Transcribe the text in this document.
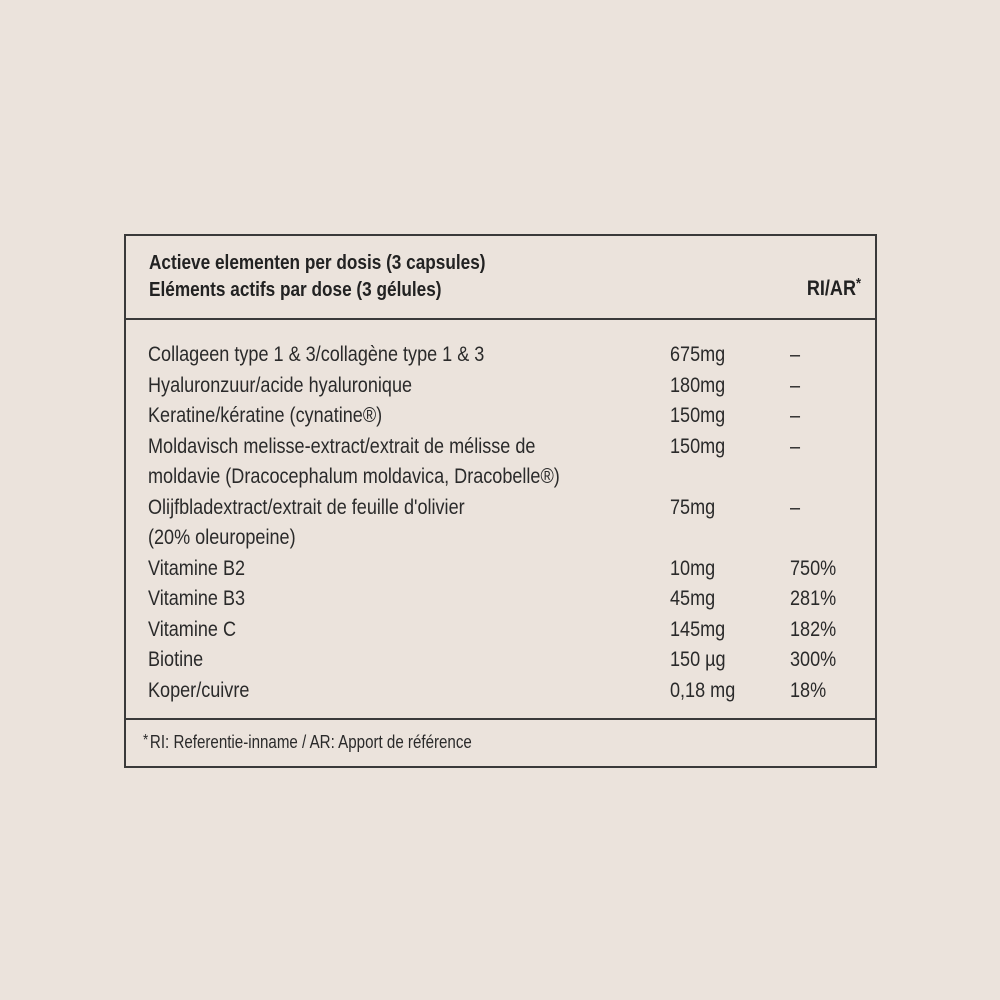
Actieve elementen per dosis (3 capsules)
Eléments actifs par dose (3 gélules)	RI/AR*
Collageen type 1 & 3/collagène type 1 & 3	675mg	–
Hyaluronzuur/acide hyaluronique	180mg	–
Keratine/kératine (cynatine®)	150mg	–
Moldavisch melisse-extract/extrait de mélisse de	150mg	–
moldavie (Dracocephalum moldavica, Dracobelle®)
Olijfbladextract/extrait de feuille d'olivier	75mg	–
(20% oleuropeine)
Vitamine B2	10mg	750%
Vitamine B3	45mg	281%
Vitamine C	145mg	182%
Biotine	150 µg	300%
Koper/cuivre	0,18 mg	18%
*RI: Referentie-inname / AR: Apport de référence
